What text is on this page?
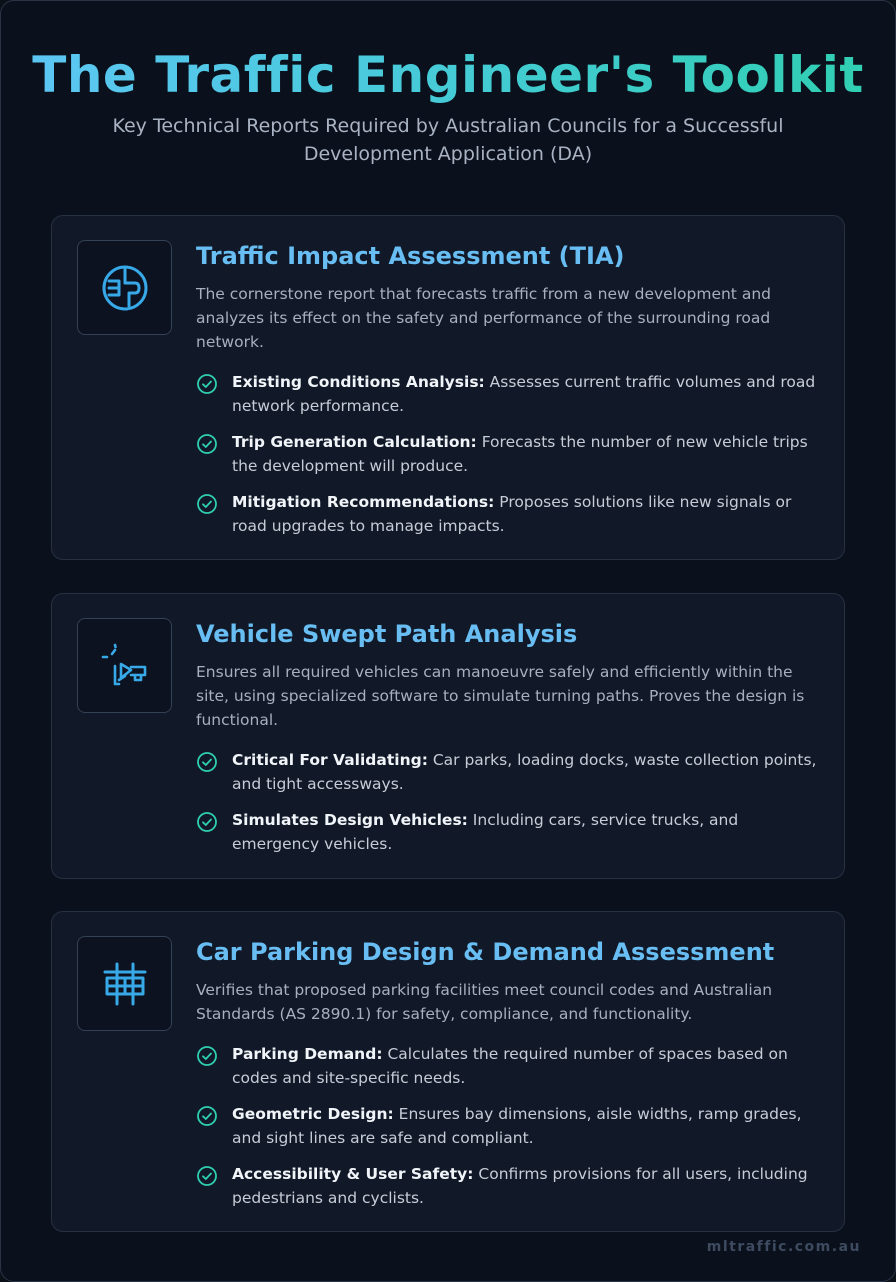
The Traffic Engineer's Toolkit

Key Technical Reports Required by Australian Councils for a Successful Development Application (DA)

Traffic Impact Assessment (TIA)

The cornerstone report that forecasts traffic from a new development and analyzes its effect on the safety and performance of the surrounding road network.

Existing Conditions Analysis: Assesses current traffic volumes and road network performance.
Trip Generation Calculation: Forecasts the number of new vehicle trips the development will produce.
Mitigation Recommendations: Proposes solutions like new signals or road upgrades to manage impacts.
Vehicle Swept Path Analysis

Ensures all required vehicles can manoeuvre safely and efficiently within the site, using specialized software to simulate turning paths. Proves the design is functional.

Critical For Validating: Car parks, loading docks, waste collection points, and tight accessways.
Simulates Design Vehicles: Including cars, service trucks, and emergency vehicles.
Car Parking Design & Demand Assessment

Verifies that proposed parking facilities meet council codes and Australian Standards (AS 2890.1) for safety, compliance, and functionality.

Parking Demand: Calculates the required number of spaces based on codes and site-specific needs.
Geometric Design: Ensures bay dimensions, aisle widths, ramp grades, and sight lines are safe and compliant.
Accessibility & User Safety: Confirms provisions for all users, including pedestrians and cyclists.
mltraffic.com.au
